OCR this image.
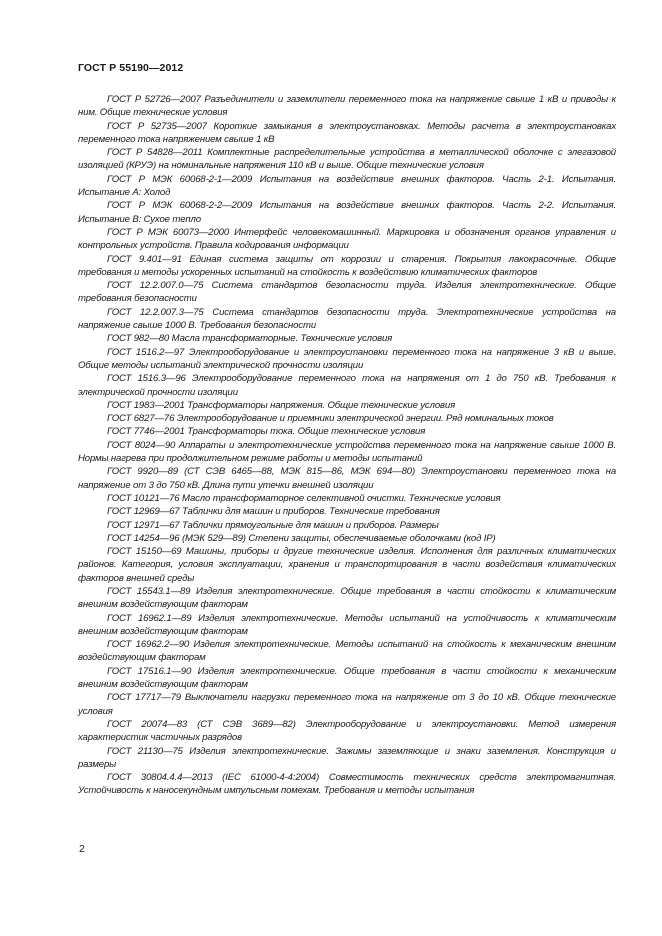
ГОСТ Р 55190—2012

ГОСТ Р 52726—2007 Разъединители и заземлители переменного тока на напряжение свыше 1 кВ и приводы к ним. Общие технические условия

ГОСТ Р 52735—2007 Короткие замыкания в электроустановках. Методы расчета в электроустановках переменного тока напряжением свыше 1 кВ

ГОСТ Р 54828—2011 Комплектные распределительные устройства в металлической оболочке с элегазовой изоляцией (КРУЭ) на номинальные напряжения 110 кВ и выше. Общие технические условия

ГОСТ Р МЭК 60068-2-1—2009 Испытания на воздействие внешних факторов. Часть 2-1. Испытания. Испытание А: Холод

ГОСТ Р МЭК 60068-2-2—2009 Испытания на воздействие внешних факторов. Часть 2-2. Испытания. Испытание В: Сухое тепло

ГОСТ Р МЭК 60073—2000 Интерфейс человекомашинный. Маркировка и обозначения органов управления и контрольных устройств. Правила кодирования информации

ГОСТ 9.401—91 Единая система защиты от коррозии и старения. Покрытия лакокрасочные. Общие требования и методы ускоренных испытаний на стойкость к воздействию климатических факторов

ГОСТ 12.2.007.0—75 Система стандартов безопасности труда. Изделия электротехнические. Общие требования безопасности

ГОСТ 12.2.007.3—75 Система стандартов безопасности труда. Электротехнические устройства на напряжение свыше 1000 В. Требования безопасности

ГОСТ 982—80 Масла трансформаторные. Технические условия

ГОСТ 1516.2—97 Электрооборудование и электроустановки переменного тока на напряжение 3 кВ и выше. Общие методы испытаний электрической прочности изоляции

ГОСТ 1516.3—96 Электрооборудование переменного тока на напряжения от 1 до 750 кВ. Требования к электрической прочности изоляции

ГОСТ 1983—2001 Трансформаторы напряжения. Общие технические условия

ГОСТ 6827—76 Электрооборудование и приемники электрической энергии. Ряд номинальных токов

ГОСТ 7746—2001 Трансформаторы тока. Общие технические условия

ГОСТ 8024—90 Аппараты и электротехнические устройства переменного тока на напряжение свыше 1000 В. Нормы нагрева при продолжительном режиме работы и методы испытаний

ГОСТ 9920—89 (СТ СЭВ 6465—88, МЭК 815—86, МЭК 694—80) Электроустановки переменного тока на напряжение от 3 до 750 кВ. Длина пути утечки внешней изоляции

ГОСТ 10121—76 Масло трансформаторное селективной очистки. Технические условия

ГОСТ 12969—67 Таблички для машин и приборов. Технические требования

ГОСТ 12971—67 Таблички прямоугольные для машин и приборов. Размеры

ГОСТ 14254—96 (МЭК 529—89) Степени защиты, обеспечиваемые оболочками (код IP)

ГОСТ 15150—69 Машины, приборы и другие технические изделия. Исполнения для различных климатических районов. Категория, условия эксплуатации, хранения и транспортирования в части воздействия климатических факторов внешней среды

ГОСТ 15543.1—89 Изделия электротехнические. Общие требования в части стойкости к климатическим внешним воздействующим факторам

ГОСТ 16962.1—89 Изделия электротехнические. Методы испытаний на устойчивость к климатическим внешним воздействующим факторам

ГОСТ 16962.2—90 Изделия электротехнические. Методы испытаний на стойкость к механическим внешним воздействующим факторам

ГОСТ 17516.1—90 Изделия электротехнические. Общие требования в части стойкости к механическим внешним воздействующим факторам

ГОСТ 17717—79 Выключатели нагрузки переменного тока на напряжение от 3 до 10 кВ. Общие технические условия

ГОСТ 20074—83 (СТ СЭВ 3689—82) Электрооборудование и электроустановки. Метод измерения характеристик частичных разрядов

ГОСТ 21130—75 Изделия электротехнические. Зажимы заземляющие и знаки заземления. Конструкция и размеры

ГОСТ 30804.4.4—2013 (IEC 61000-4-4:2004) Совместимость технических средств электромагнитная. Устойчивость к наносекундным импульсным помехам. Требования и методы испытания

2
